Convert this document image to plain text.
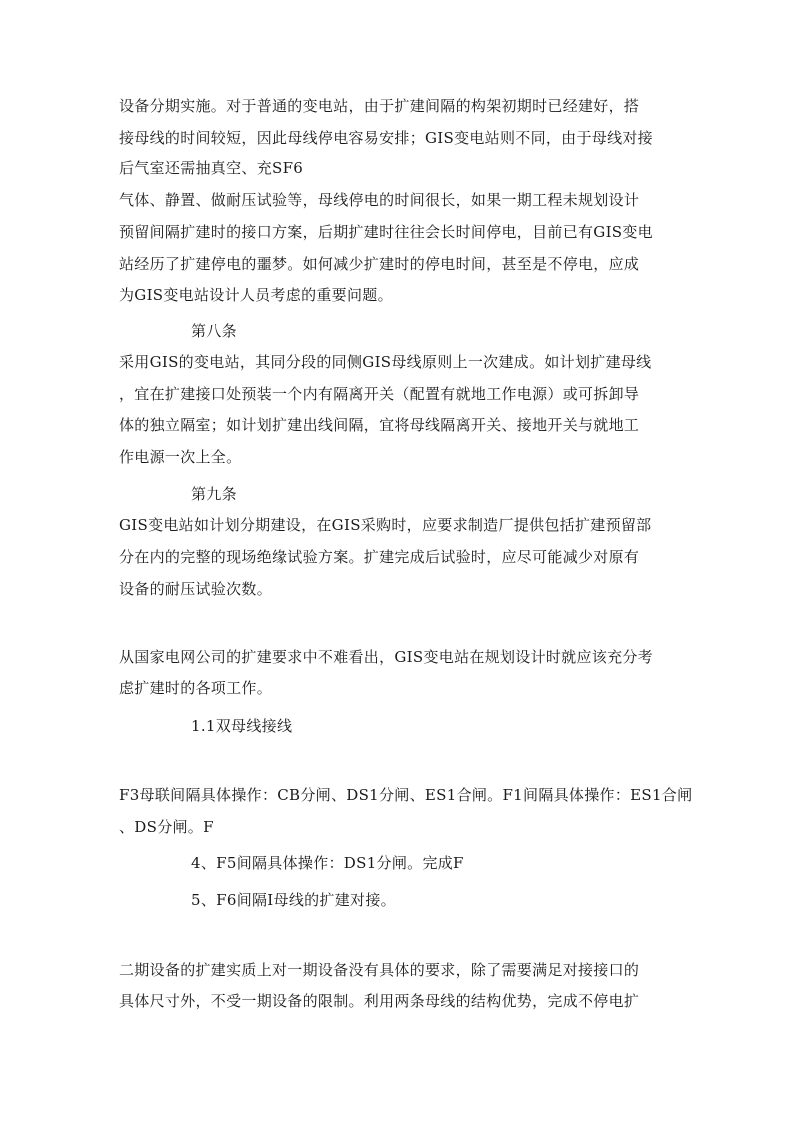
设备分期实施。对于普通的变电站，由于扩建间隔的构架初期时已经建好，搭
接母线的时间较短，因此母线停电容易安排；GIS变电站则不同，由于母线对接
后气室还需抽真空、充SF6
气体、静置、做耐压试验等，母线停电的时间很长，如果一期工程未规划设计
预留间隔扩建时的接口方案，后期扩建时往往会长时间停电，目前已有GIS变电
站经历了扩建停电的噩梦。如何减少扩建时的停电时间，甚至是不停电，应成
为GIS变电站设计人员考虑的重要问题。
第八条
采用GIS的变电站，其同分段的同侧GIS母线原则上一次建成。如计划扩建母线
，宜在扩建接口处预装一个内有隔离开关（配置有就地工作电源）或可拆卸导
体的独立隔室；如计划扩建出线间隔，宜将母线隔离开关、接地开关与就地工
作电源一次上全。
第九条
GIS变电站如计划分期建设，在GIS采购时，应要求制造厂提供包括扩建预留部
分在内的完整的现场绝缘试验方案。扩建完成后试验时，应尽可能减少对原有
设备的耐压试验次数。
从国家电网公司的扩建要求中不难看出，GIS变电站在规划设计时就应该充分考
虑扩建时的各项工作。
1.1双母线接线
F3母联间隔具体操作：CB分闸、DS1分闸、ES1合闸。F1间隔具体操作：ES1合闸
、DS分闸。F
4、F5间隔具体操作：DS1分闸。完成F
5、F6间隔Ⅰ母线的扩建对接。
二期设备的扩建实质上对一期设备没有具体的要求，除了需要满足对接接口的
具体尺寸外，不受一期设备的限制。利用两条母线的结构优势，完成不停电扩
